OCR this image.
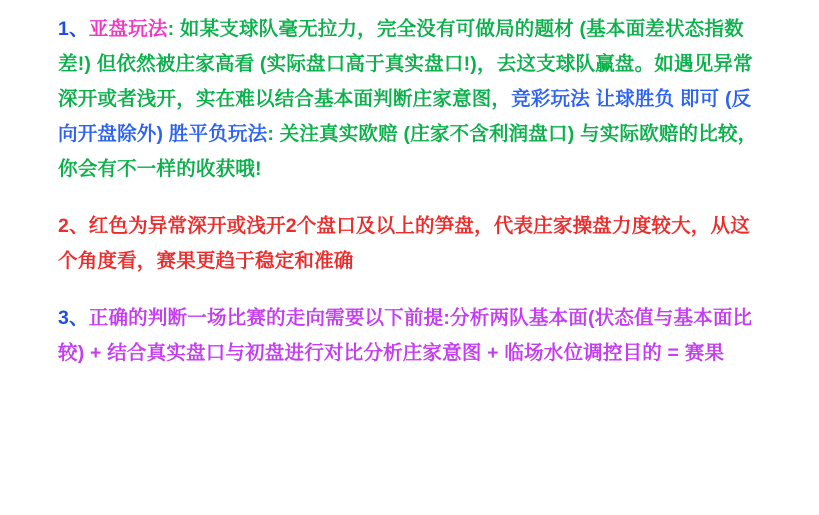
1、亚盘玩法: 如某支球队毫无拉力，完全没有可做局的题材 (基本面差状态指数差!) 但依然被庄家高看 (实际盘口高于真实盘口!)，去这支球队赢盘。如遇见异常深开或者浅开，实在难以结合基本面判断庄家意图，竞彩玩法 让球胜负 即可 (反向开盘除外) 胜平负玩法: 关注真实欧赔 (庄家不含利润盘口) 与实际欧赔的比较，你会有不一样的收获哦!
2、红色为异常深开或浅开2个盘口及以上的笋盘，代表庄家操盘力度较大，从这个角度看，赛果更趋于稳定和准确
3、正确的判断一场比赛的走向需要以下前提:分析两队基本面(状态值与基本面比较) + 结合真实盘口与初盘进行对比分析庄家意图 + 临场水位调控目的 = 赛果
